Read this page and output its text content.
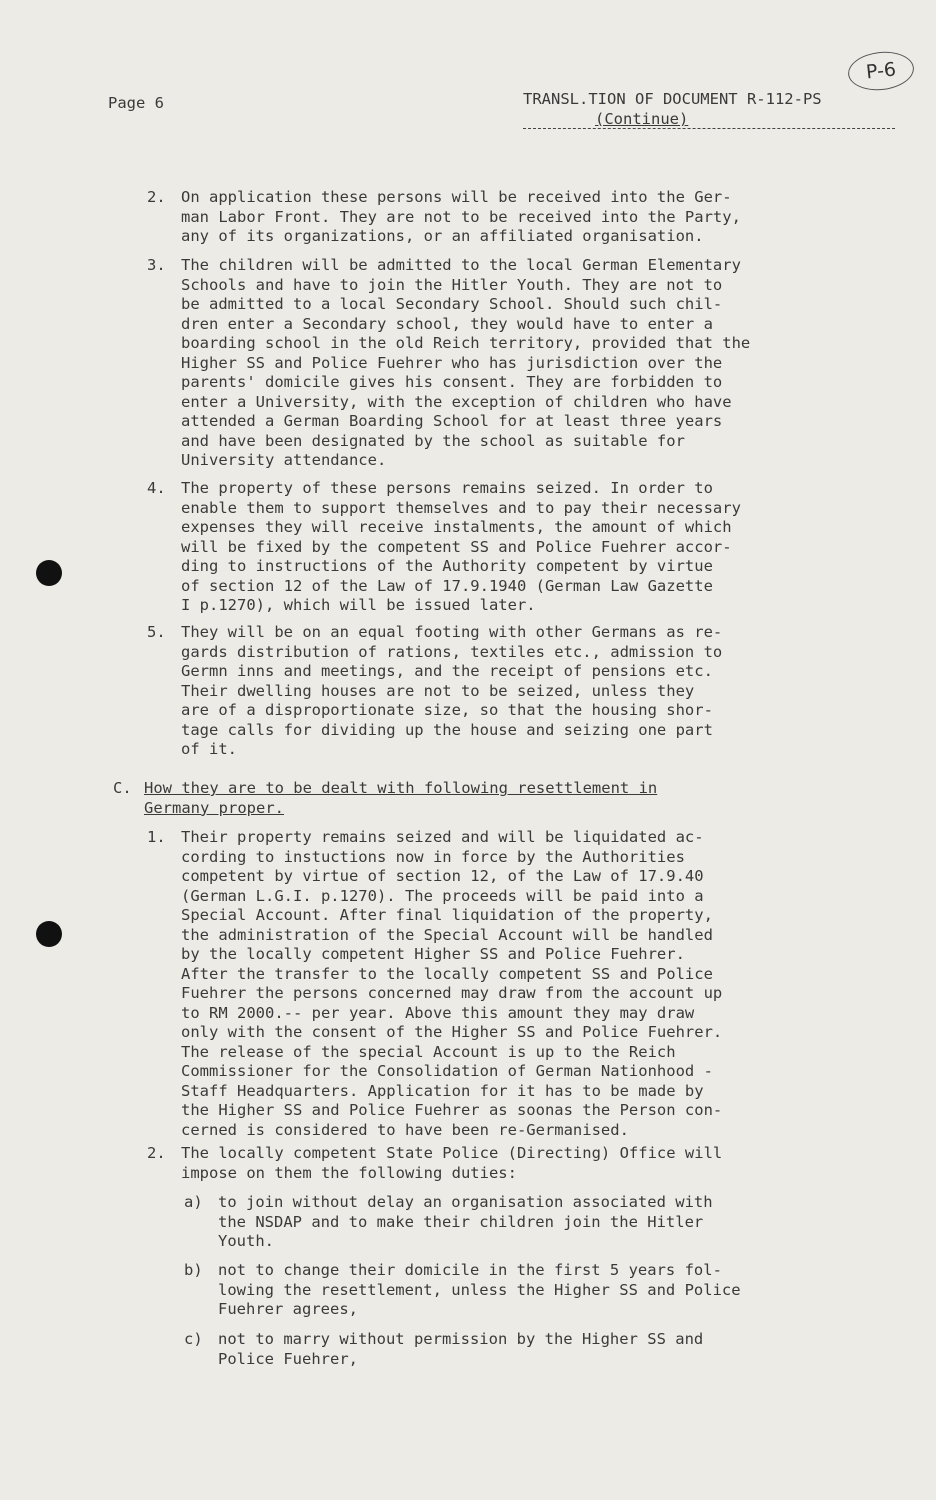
Page 6	TRANSL.TION OF DOCUMENT R-112-PS
(Continue)
P-6
2. On application these persons will be received into the Ger-
man Labor Front. They are not to be received into the Party,
any of its organizations, or an affiliated organisation.
3. The children will be admitted to the local German Elementary
Schools and have to join the Hitler Youth. They are not to
be admitted to a local Secondary School. Should such chil-
dren enter a Secondary school, they would have to enter a
boarding school in the old Reich territory, provided that the
Higher SS and Police Fuehrer who has jurisdiction over the
parents' domicile gives his consent. They are forbidden to
enter a University, with the exception of children who have
attended a German Boarding School for at least three years
and have been designated by the school as suitable for
University attendance.
4. The property of these persons remains seized. In order to
enable them to support themselves and to pay their necessary
expenses they will receive instalments, the amount of which
will be fixed by the competent SS and Police Fuehrer accor-
ding to instructions of the Authority competent by virtue
of section 12 of the Law of 17.9.1940 (German Law Gazette
I p.1270), which will be issued later.
5. They will be on an equal footing with other Germans as re-
gards distribution of rations, textiles etc., admission to
Germn inns and meetings, and the receipt of pensions etc.
Their dwelling houses are not to be seized, unless they
are of a disproportionate size, so that the housing shor-
tage calls for dividing up the house and seizing one part
of it.

C.

How they are to be dealt with following resettlement in
Germany proper.

1. Their property remains seized and will be liquidated ac-
cording to instuctions now in force by the Authorities
competent by virtue of section 12, of the Law of 17.9.40
(German L.G.I. p.1270). The proceeds will be paid into a
Special Account. After final liquidation of the property,
the administration of the Special Account will be handled
by the locally competent Higher SS and Police Fuehrer.
After the transfer to the locally competent SS and Police
Fuehrer the persons concerned may draw from the account up
to RM 2000.-- per year. Above this amount they may draw
only with the consent of the Higher SS and Police Fuehrer.
The release of the special Account is up to the Reich
Commissioner for the Consolidation of German Nationhood -
Staff Headquarters. Application for it has to be made by
the Higher SS and Police Fuehrer as soonas the Person con-
cerned is considered to have been re-Germanised.
2. The locally competent State Police (Directing) Office will
impose on them the following duties:
a) to join without delay an organisation associated with
the NSDAP and to make their children join the Hitler
Youth.
b) not to change their domicile in the first 5 years fol-
lowing the resettlement, unless the Higher SS and Police
Fuehrer agrees,
c) not to marry without permission by the Higher SS and
Police Fuehrer,
